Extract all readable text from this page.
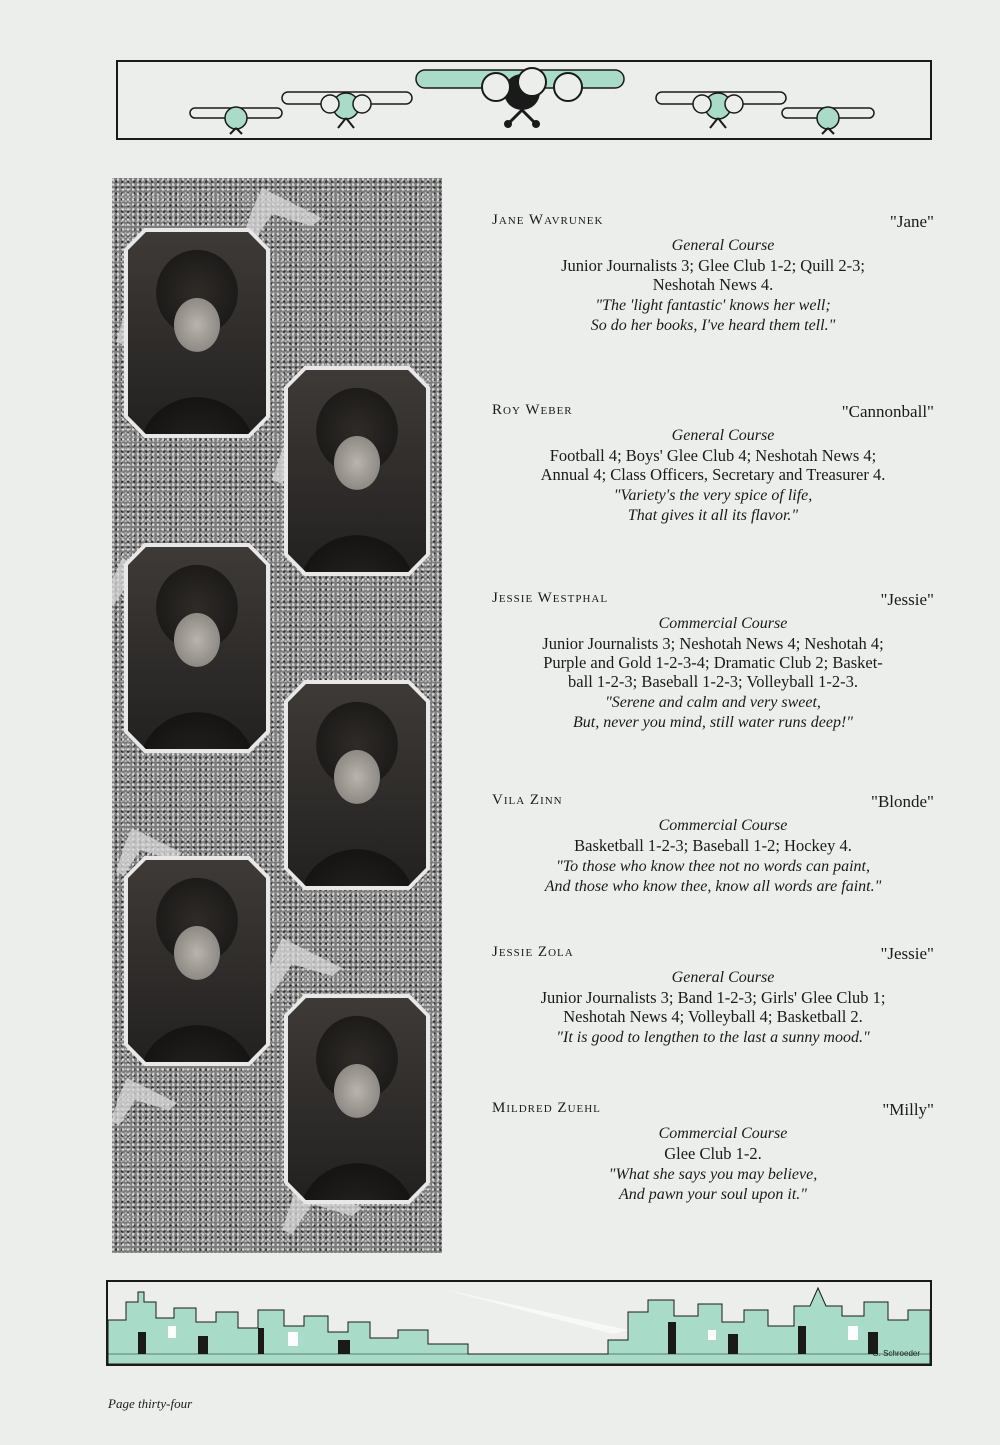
Jane Wavrunek	"Jane"
General Course
Junior Journalists 3; Glee Club 1-2; Quill 2-3;
Neshotah News 4.
"The 'light fantastic' knows her well;
So do her books, I've heard them tell."
Roy Weber	"Cannonball"
General Course
Football 4; Boys' Glee Club 4; Neshotah News 4;
Annual 4; Class Officers, Secretary and Treasurer 4.
"Variety's the very spice of life,
That gives it all its flavor."
Jessie Westphal	"Jessie"
Commercial Course
Junior Journalists 3; Neshotah News 4; Neshotah 4;
Purple and Gold 1-2-3-4; Dramatic Club 2; Basket-
ball 1-2-3; Baseball 1-2-3; Volleyball 1-2-3.
"Serene and calm and very sweet,
But, never you mind, still water runs deep!"
Vila Zinn	"Blonde"
Commercial Course
Basketball 1-2-3; Baseball 1-2; Hockey 4.
"To those who know thee not no words can paint,
And those who know thee, know all words are faint."
Jessie Zola	"Jessie"
General Course
Junior Journalists 3; Band 1-2-3; Girls' Glee Club 1;
Neshotah News 4; Volleyball 4; Basketball 2.
"It is good to lengthen to the last a sunny mood."
Mildred Zuehl	"Milly"
Commercial Course
Glee Club 1-2.
"What she says you may believe,
And pawn your soul upon it."
G. Schroeder
Page thirty-four
